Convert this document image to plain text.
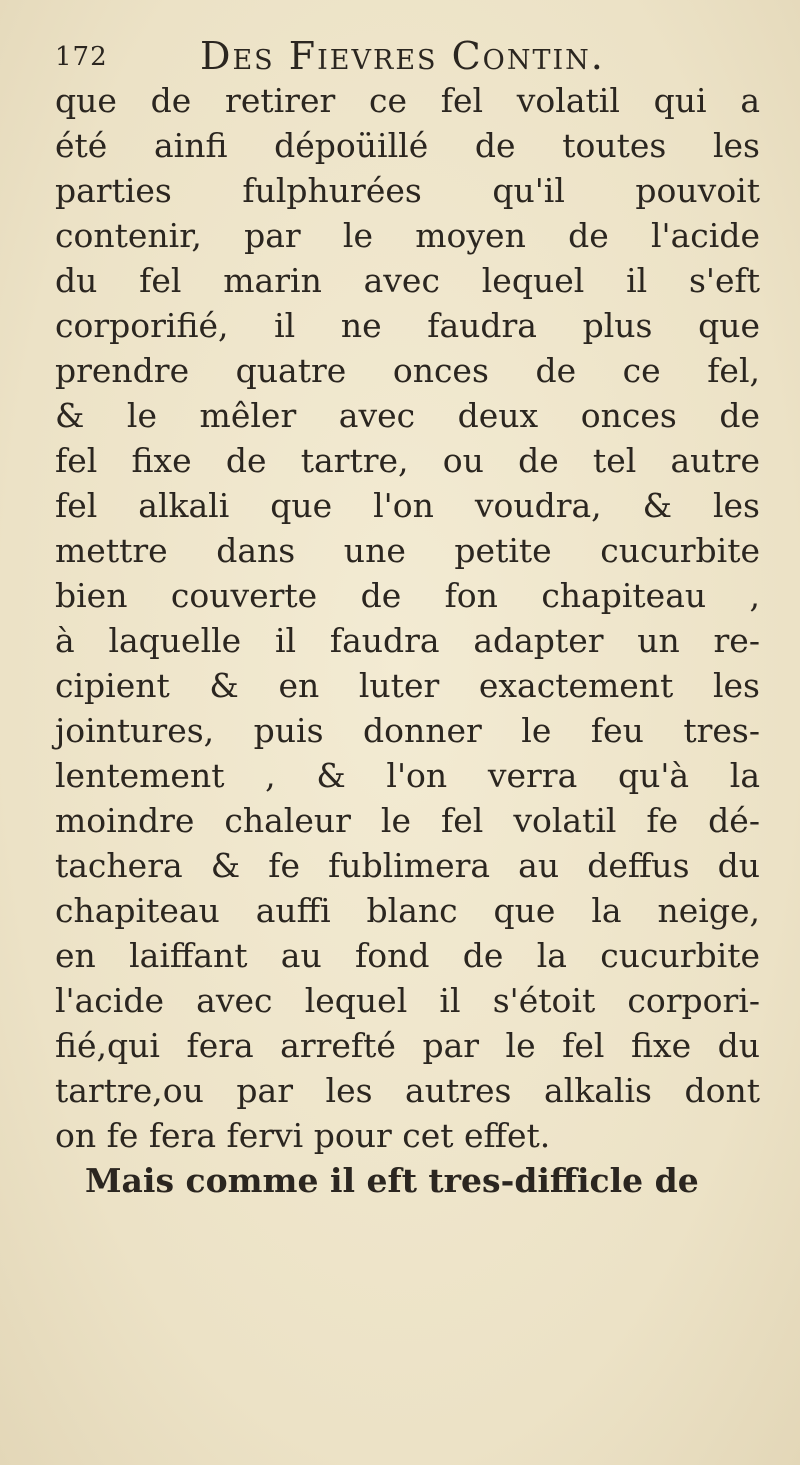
172 Des Fievres Contin.
que de retirer ce fel volatil qui a
été ainfi dépoüillé de toutes les
parties fulphurées qu'il pouvoit
contenir, par le moyen de l'acide
du fel marin avec lequel il s'eft
corporifié, il ne faudra plus que
prendre quatre onces de ce fel,
& le mêler avec deux onces de
fel fixe de tartre, ou de tel autre
fel alkali que l'on voudra, & les
mettre dans une petite cucurbite
bien couverte de fon chapiteau ,
à laquelle il faudra adapter un re-
cipient & en luter exactement les
jointures, puis donner le feu tres-
lentement , & l'on verra qu'à la
moindre chaleur le fel volatil fe dé-
tachera & fe fublimera au deffus du
chapiteau auffi blanc que la neige,
en laiffant au fond de la cucurbite
l'acide avec lequel il s'étoit corpori-
fié,qui fera arrefté par le fel fixe du
tartre,ou par les autres alkalis dont
on fe fera fervi pour cet effet.
Mais comme il eft tres-difficle de
